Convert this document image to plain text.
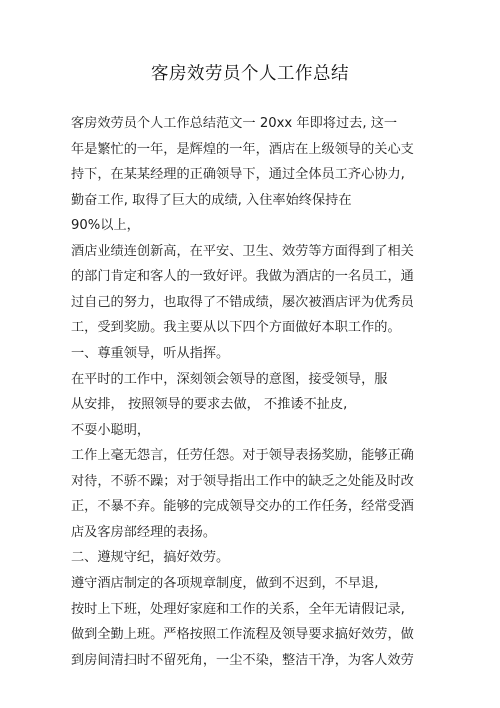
客房效劳员个人工作总结
客房效劳员个人工作总结范文一 20xx 年即将过去, 这一
年是繁忙的一年，是辉煌的一年，酒店在上级领导的关心支
持下，在某某经理的正确领导下，通过全体员工齐心协力,
勤奋工作, 取得了巨大的成绩, 入住率始终保持在
90%以上，
酒店业绩连创新高，在平安、卫生、效劳等方面得到了相关
的部门肯定和客人的一致好评。我做为酒店的一名员工，通
过自己的努力，也取得了不错成绩，屡次被酒店评为优秀员
工，受到奖励。我主要从以下四个方面做好本职工作的。
一、尊重领导，听从指挥。
在平时的工作中，深刻领会领导的意图，接受领导，服
从安排， 按照领导的要求去做， 不推诿不扯皮,
不耍小聪明，
工作上毫无怨言，任劳任怨。对于领导表扬奖励，能够正确
对待，不骄不躁；对于领导指出工作中的缺乏之处能及时改
正，不暴不弃。能够的完成领导交办的工作任务，经常受酒
店及客房部经理的表扬。
二、遵规守纪，搞好效劳。
遵守酒店制定的各项规章制度，做到不迟到，不早退,
按时上下班，处理好家庭和工作的关系，全年无请假记录,
做到全勤上班。严格按照工作流程及领导要求搞好效劳，做
到房间清扫时不留死角，一尘不染，整洁干净，为客人效劳
